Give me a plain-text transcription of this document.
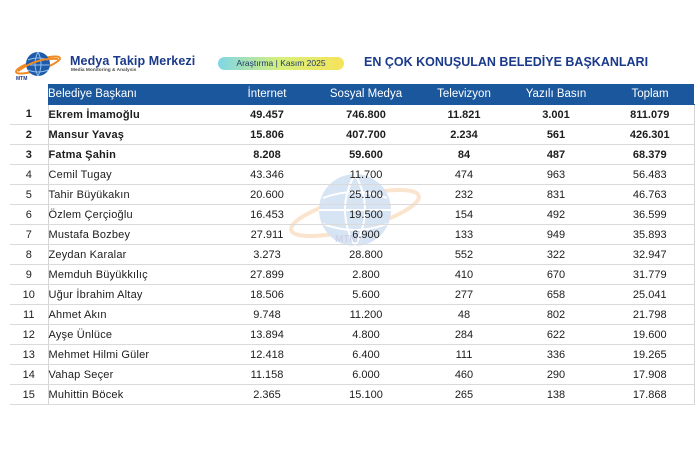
MTM
Medya Takip Merkezi
Media Monitoring & Analysis
Araştırma | Kasım 2025	EN ÇOK KONUŞULAN BELEDİYE BAŞKANLARI
MTM
	Belediye Başkanı	İnternet	Sosyal Medya	Televizyon	Yazılı Basın	Toplam
1	Ekrem İmamoğlu	49.457	746.800	11.821	3.001	811.079
2	Mansur Yavaş	15.806	407.700	2.234	561	426.301
3	Fatma Şahin	8.208	59.600	84	487	68.379
4	Cemil Tugay	43.346	11.700	474	963	56.483
5	Tahir Büyükakın	20.600	25.100	232	831	46.763
6	Özlem Çerçioğlu	16.453	19.500	154	492	36.599
7	Mustafa Bozbey	27.911	6.900	133	949	35.893
8	Zeydan Karalar	3.273	28.800	552	322	32.947
9	Memduh Büyükkılıç	27.899	2.800	410	670	31.779
10	Uğur İbrahim Altay	18.506	5.600	277	658	25.041
11	Ahmet Akın	9.748	11.200	48	802	21.798
12	Ayşe Ünlüce	13.894	4.800	284	622	19.600
13	Mehmet Hilmi Güler	12.418	6.400	111	336	19.265
14	Vahap Seçer	11.158	6.000	460	290	17.908
15	Muhittin Böcek	2.365	15.100	265	138	17.868
